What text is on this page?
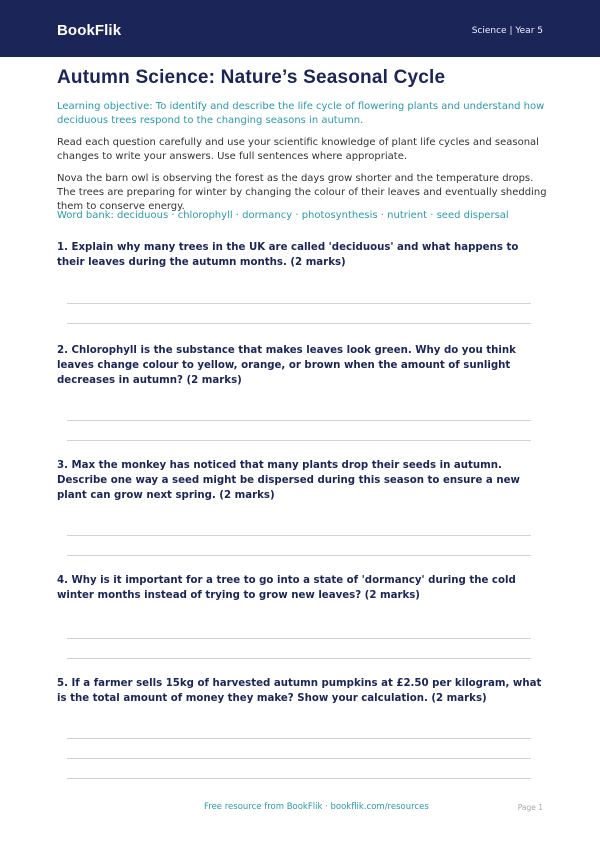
BookFlik	Science | Year 5
Autumn Science: Nature’s Seasonal Cycle

Learning objective: To identify and describe the life cycle of flowering plants and understand how deciduous trees respond to the changing seasons in autumn.

Read each question carefully and use your scientific knowledge of plant life cycles and seasonal changes to write your answers. Use full sentences where appropriate.

Nova the barn owl is observing the forest as the days grow shorter and the temperature drops. The trees are preparing for winter by changing the colour of their leaves and eventually shedding them to conserve energy.

Word bank: deciduous · chlorophyll · dormancy · photosynthesis · nutrient · seed dispersal

1. Explain why many trees in the UK are called 'deciduous' and what happens to their leaves during the autumn months. (2 marks)

2. Chlorophyll is the substance that makes leaves look green. Why do you think leaves change colour to yellow, orange, or brown when the amount of sunlight decreases in autumn? (2 marks)

3. Max the monkey has noticed that many plants drop their seeds in autumn. Describe one way a seed might be dispersed during this season to ensure a new plant can grow next spring. (2 marks)

4. Why is it important for a tree to go into a state of 'dormancy' during the cold winter months instead of trying to grow new leaves? (2 marks)

5. If a farmer sells 15kg of harvested autumn pumpkins at £2.50 per kilogram, what is the total amount of money they make? Show your calculation. (2 marks)

Free resource from BookFlik · bookflik.com/resources	Page 1
